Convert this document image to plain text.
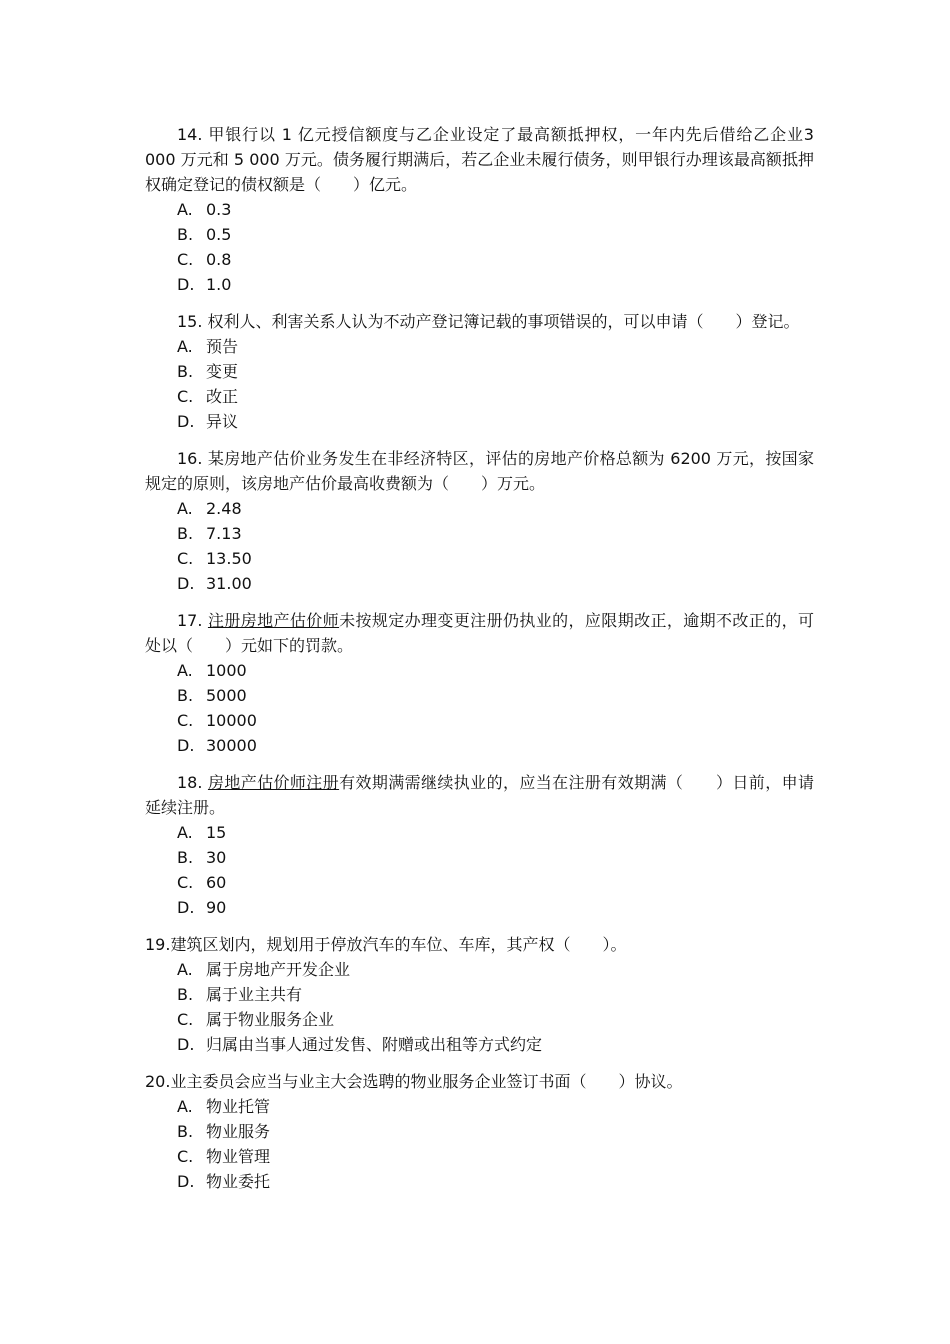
14. 甲银行以 1 亿元授信额度与乙企业设定了最高额抵押权，一年内先后借给乙企业3 000 万元和 5 000 万元。债务履行期满后，若乙企业未履行债务，则甲银行办理该最高额抵押权确定登记的债权额是（　　）亿元。

A. 0.3
B. 0.5
C. 0.8
D. 1.0

15. 权利人、利害关系人认为不动产登记簿记载的事项错误的，可以申请（　　）登记。

A. 预告
B. 变更
C. 改正
D. 异议

16. 某房地产估价业务发生在非经济特区，评估的房地产价格总额为 6200 万元，按国家规定的原则，该房地产估价最高收费额为（　　）万元。

A. 2.48
B. 7.13
C. 13.50
D. 31.00

17. 注册房地产估价师未按规定办理变更注册仍执业的，应限期改正，逾期不改正的，可处以（　　）元如下的罚款。

A. 1000
B. 5000
C. 10000
D. 30000

18. 房地产估价师注册有效期满需继续执业的，应当在注册有效期满（　　）日前，申请延续注册。

A. 15
B. 30
C. 60
D. 90

19.建筑区划内，规划用于停放汽车的车位、车库，其产权（　　）。

A. 属于房地产开发企业
B. 属于业主共有
C. 属于物业服务企业
D. 归属由当事人通过发售、附赠或出租等方式约定

20.业主委员会应当与业主大会选聘的物业服务企业签订书面（　　）协议。

A. 物业托管
B. 物业服务
C. 物业管理
D. 物业委托
